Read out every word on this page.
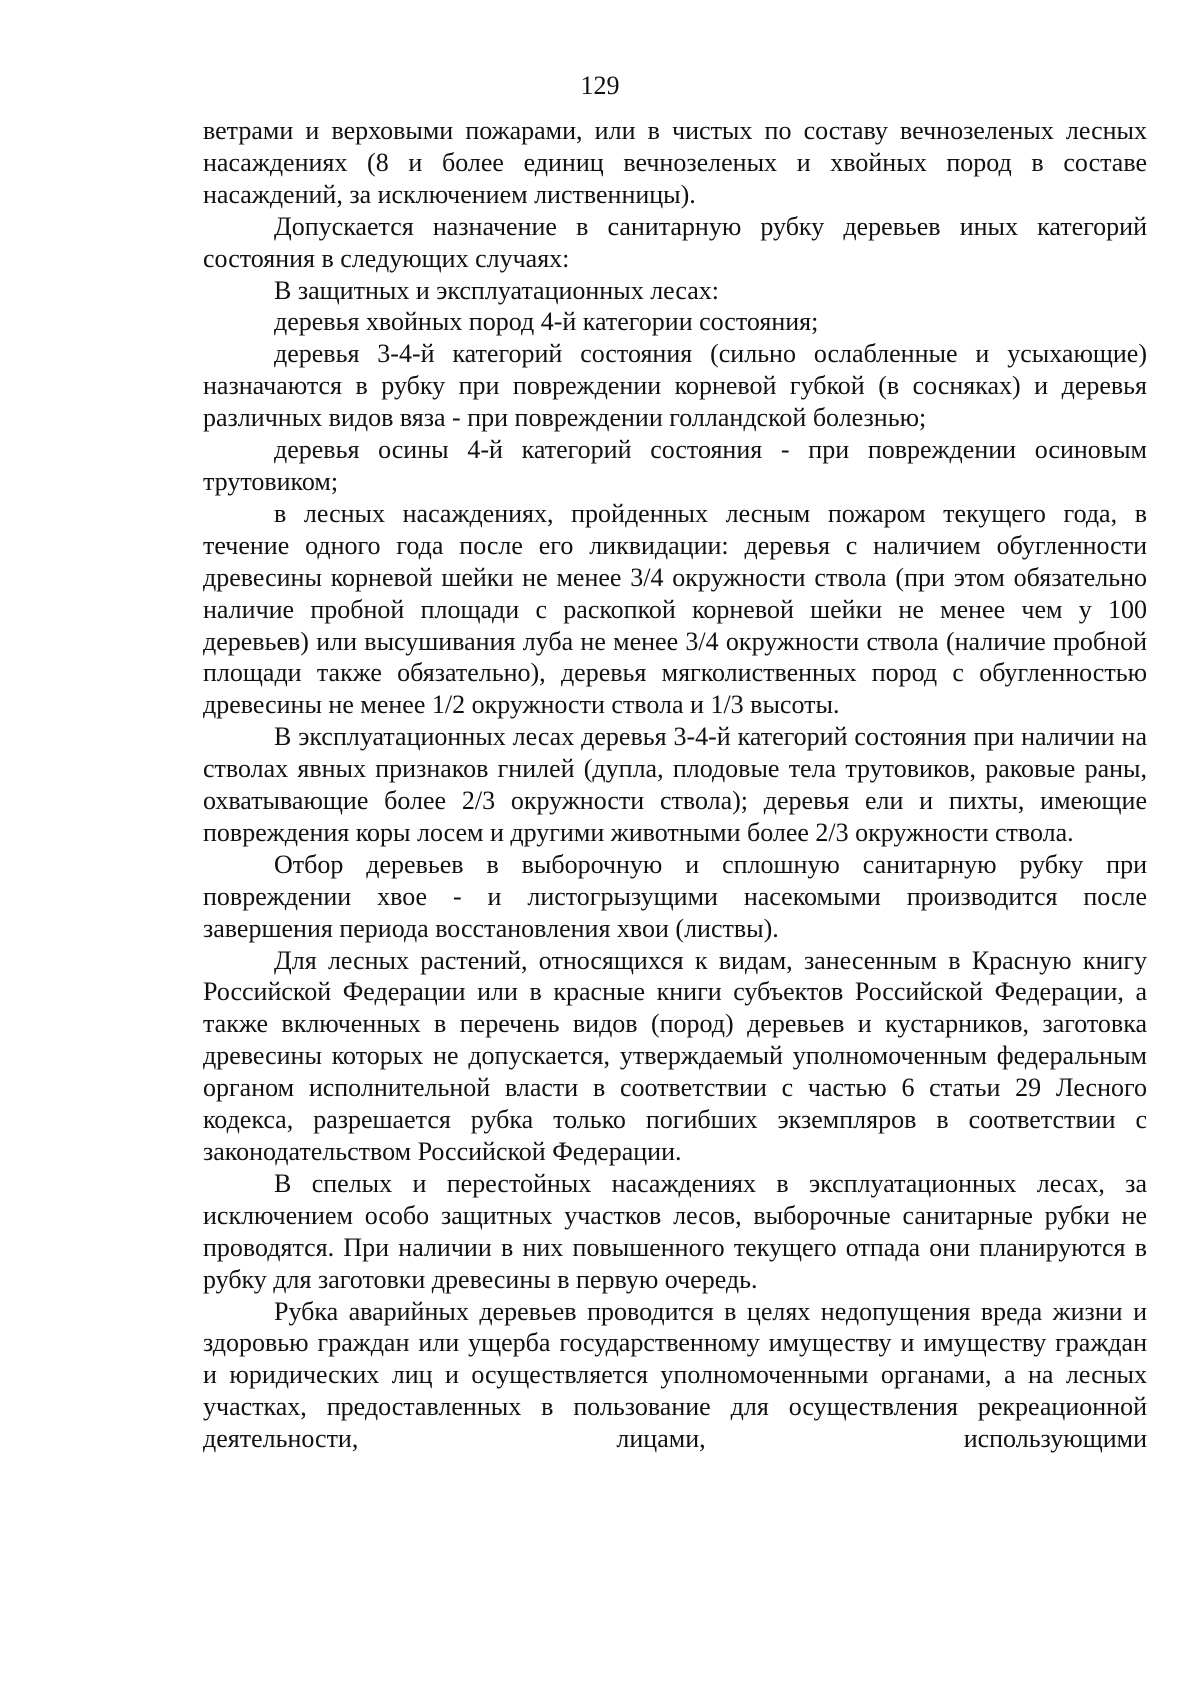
129

ветрами и верховыми пожарами, или в чистых по составу вечнозеленых лесных насаждениях (8 и более единиц вечнозеленых и хвойных пород в составе насаждений, за исключением лиственницы).

Допускается назначение в санитарную рубку деревьев иных категорий состояния в следующих случаях:

В защитных и эксплуатационных лесах:

деревья хвойных пород 4-й категории состояния;

деревья 3-4-й категорий состояния (сильно ослабленные и усыхающие) назначаются в рубку при повреждении корневой губкой (в сосняках) и деревья различных видов вяза - при повреждении голландской болезнью;

деревья осины 4-й категорий состояния - при повреждении осиновым трутовиком;

в лесных насаждениях, пройденных лесным пожаром текущего года, в течение одного года после его ликвидации: деревья с наличием обугленности древесины корневой шейки не менее 3/4 окружности ствола (при этом обязательно наличие пробной площади с раскопкой корневой шейки не менее чем у 100 деревьев) или высушивания луба не менее 3/4 окружности ствола (наличие пробной площади также обязательно), деревья мягколиственных пород с обугленностью древесины не менее 1/2 окружности ствола и 1/3 высоты.

В эксплуатационных лесах деревья 3-4-й категорий состояния при наличии на стволах явных признаков гнилей (дупла, плодовые тела трутовиков, раковые раны, охватывающие более 2/3 окружности ствола); деревья ели и пихты, имеющие повреждения коры лосем и другими животными более 2/3 окружности ствола.

Отбор деревьев в выборочную и сплошную санитарную рубку при повреждении хвое - и листогрызущими насекомыми производится после завершения периода восстановления хвои (листвы).

Для лесных растений, относящихся к видам, занесенным в Красную книгу Российской Федерации или в красные книги субъектов Российской Федерации, а также включенных в перечень видов (пород) деревьев и кустарников, заготовка древесины которых не допускается, утверждаемый уполномоченным федеральным органом исполнительной власти в соответствии с частью 6 статьи 29 Лесного кодекса, разрешается рубка только погибших экземпляров в соответствии с законодательством Российской Федерации.

В спелых и перестойных насаждениях в эксплуатационных лесах, за исключением особо защитных участков лесов, выборочные санитарные рубки не проводятся. При наличии в них повышенного текущего отпада они планируются в рубку для заготовки древесины в первую очередь.

Рубка аварийных деревьев проводится в целях недопущения вреда жизни и здоровью граждан или ущерба государственному имуществу и имуществу граждан и юридических лиц и осуществляется уполномоченными органами, а на лесных участках, предоставленных в пользование для осуществления рекреационной деятельности, лицами, использующими
